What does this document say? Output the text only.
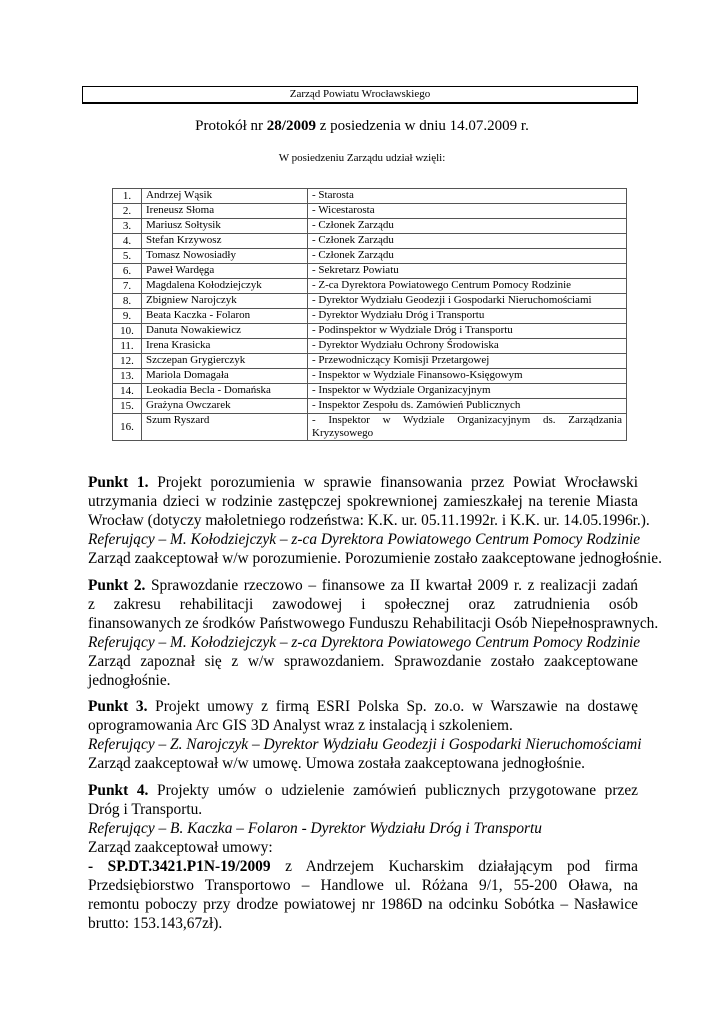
Zarząd Powiatu Wrocławskiego
Protokół nr 28/2009 z posiedzenia w dniu 14.07.2009 r.
W posiedzeniu Zarządu udział wzięli:
1.	Andrzej Wąsik	- Starosta
2.	Ireneusz Słoma	- Wicestarosta
3.	Mariusz Sołtysik	- Członek Zarządu
4.	Stefan Krzywosz	- Członek Zarządu
5.	Tomasz Nowosiadły	- Członek Zarządu
6.	Paweł Wardęga	- Sekretarz Powiatu
7.	Magdalena Kołodziejczyk	- Z-ca Dyrektora Powiatowego Centrum Pomocy Rodzinie
8.	Zbigniew Narojczyk	- Dyrektor Wydziału Geodezji i Gospodarki Nieruchomościami
9.	Beata Kaczka - Folaron	- Dyrektor Wydziału Dróg i Transportu
10.	Danuta Nowakiewicz	- Podinspektor w Wydziale Dróg i Transportu
11.	Irena Krasicka	- Dyrektor Wydziału Ochrony Środowiska
12.	Szczepan Grygierczyk	- Przewodniczący Komisji Przetargowej
13.	Mariola Domagała	- Inspektor w Wydziale Finansowo-Księgowym
14.	Leokadia Becla - Domańska	- Inspektor w Wydziale Organizacyjnym
15.	Grażyna Owczarek	- Inspektor Zespołu ds. Zamówień Publicznych
16.	Szum Ryszard	- Inspektor w Wydziale Organizacyjnym ds. Zarządzania Kryzysowego
Punkt 1. Projekt porozumienia w sprawie finansowania przez Powiat Wrocławski
utrzymania dzieci w rodzinie zastępczej spokrewnionej zamieszkałej na terenie Miasta
Wrocław (dotyczy małoletniego rodzeństwa: K.K. ur. 05.11.1992r. i K.K. ur. 14.05.1996r.).
Referujący – M. Kołodziejczyk – z-ca Dyrektora Powiatowego Centrum Pomocy Rodzinie
Zarząd zaakceptował w/w porozumienie. Porozumienie zostało zaakceptowane jednogłośnie.
Punkt 2. Sprawozdanie rzeczowo – finansowe za II kwartał 2009 r. z realizacji zadań
z zakresu rehabilitacji zawodowej i społecznej oraz zatrudnienia osób
finansowanych ze środków Państwowego Funduszu Rehabilitacji Osób Niepełnosprawnych.
Referujący – M. Kołodziejczyk – z-ca Dyrektora Powiatowego Centrum Pomocy Rodzinie
Zarząd zapoznał się z w/w sprawozdaniem. Sprawozdanie zostało zaakceptowane
jednogłośnie.
Punkt 3. Projekt umowy z firmą ESRI Polska Sp. zo.o. w Warszawie na dostawę
oprogramowania Arc GIS 3D Analyst wraz z instalacją i szkoleniem.
Referujący – Z. Narojczyk – Dyrektor Wydziału Geodezji i Gospodarki Nieruchomościami
Zarząd zaakceptował w/w umowę. Umowa została zaakceptowana jednogłośnie.
Punkt 4. Projekty umów o udzielenie zamówień publicznych przygotowane przez
Dróg i Transportu.
Referujący – B. Kaczka – Folaron - Dyrektor Wydziału Dróg i Transportu
Zarząd zaakceptował umowy:
- SP.DT.3421.P1N-19/2009 z Andrzejem Kucharskim działającym pod firma
Przedsiębiorstwo Transportowo – Handlowe ul. Różana 9/1, 55-200 Oława, na
remontu poboczy przy drodze powiatowej nr 1986D na odcinku Sobótka – Nasławice
brutto: 153.143,67zł).
